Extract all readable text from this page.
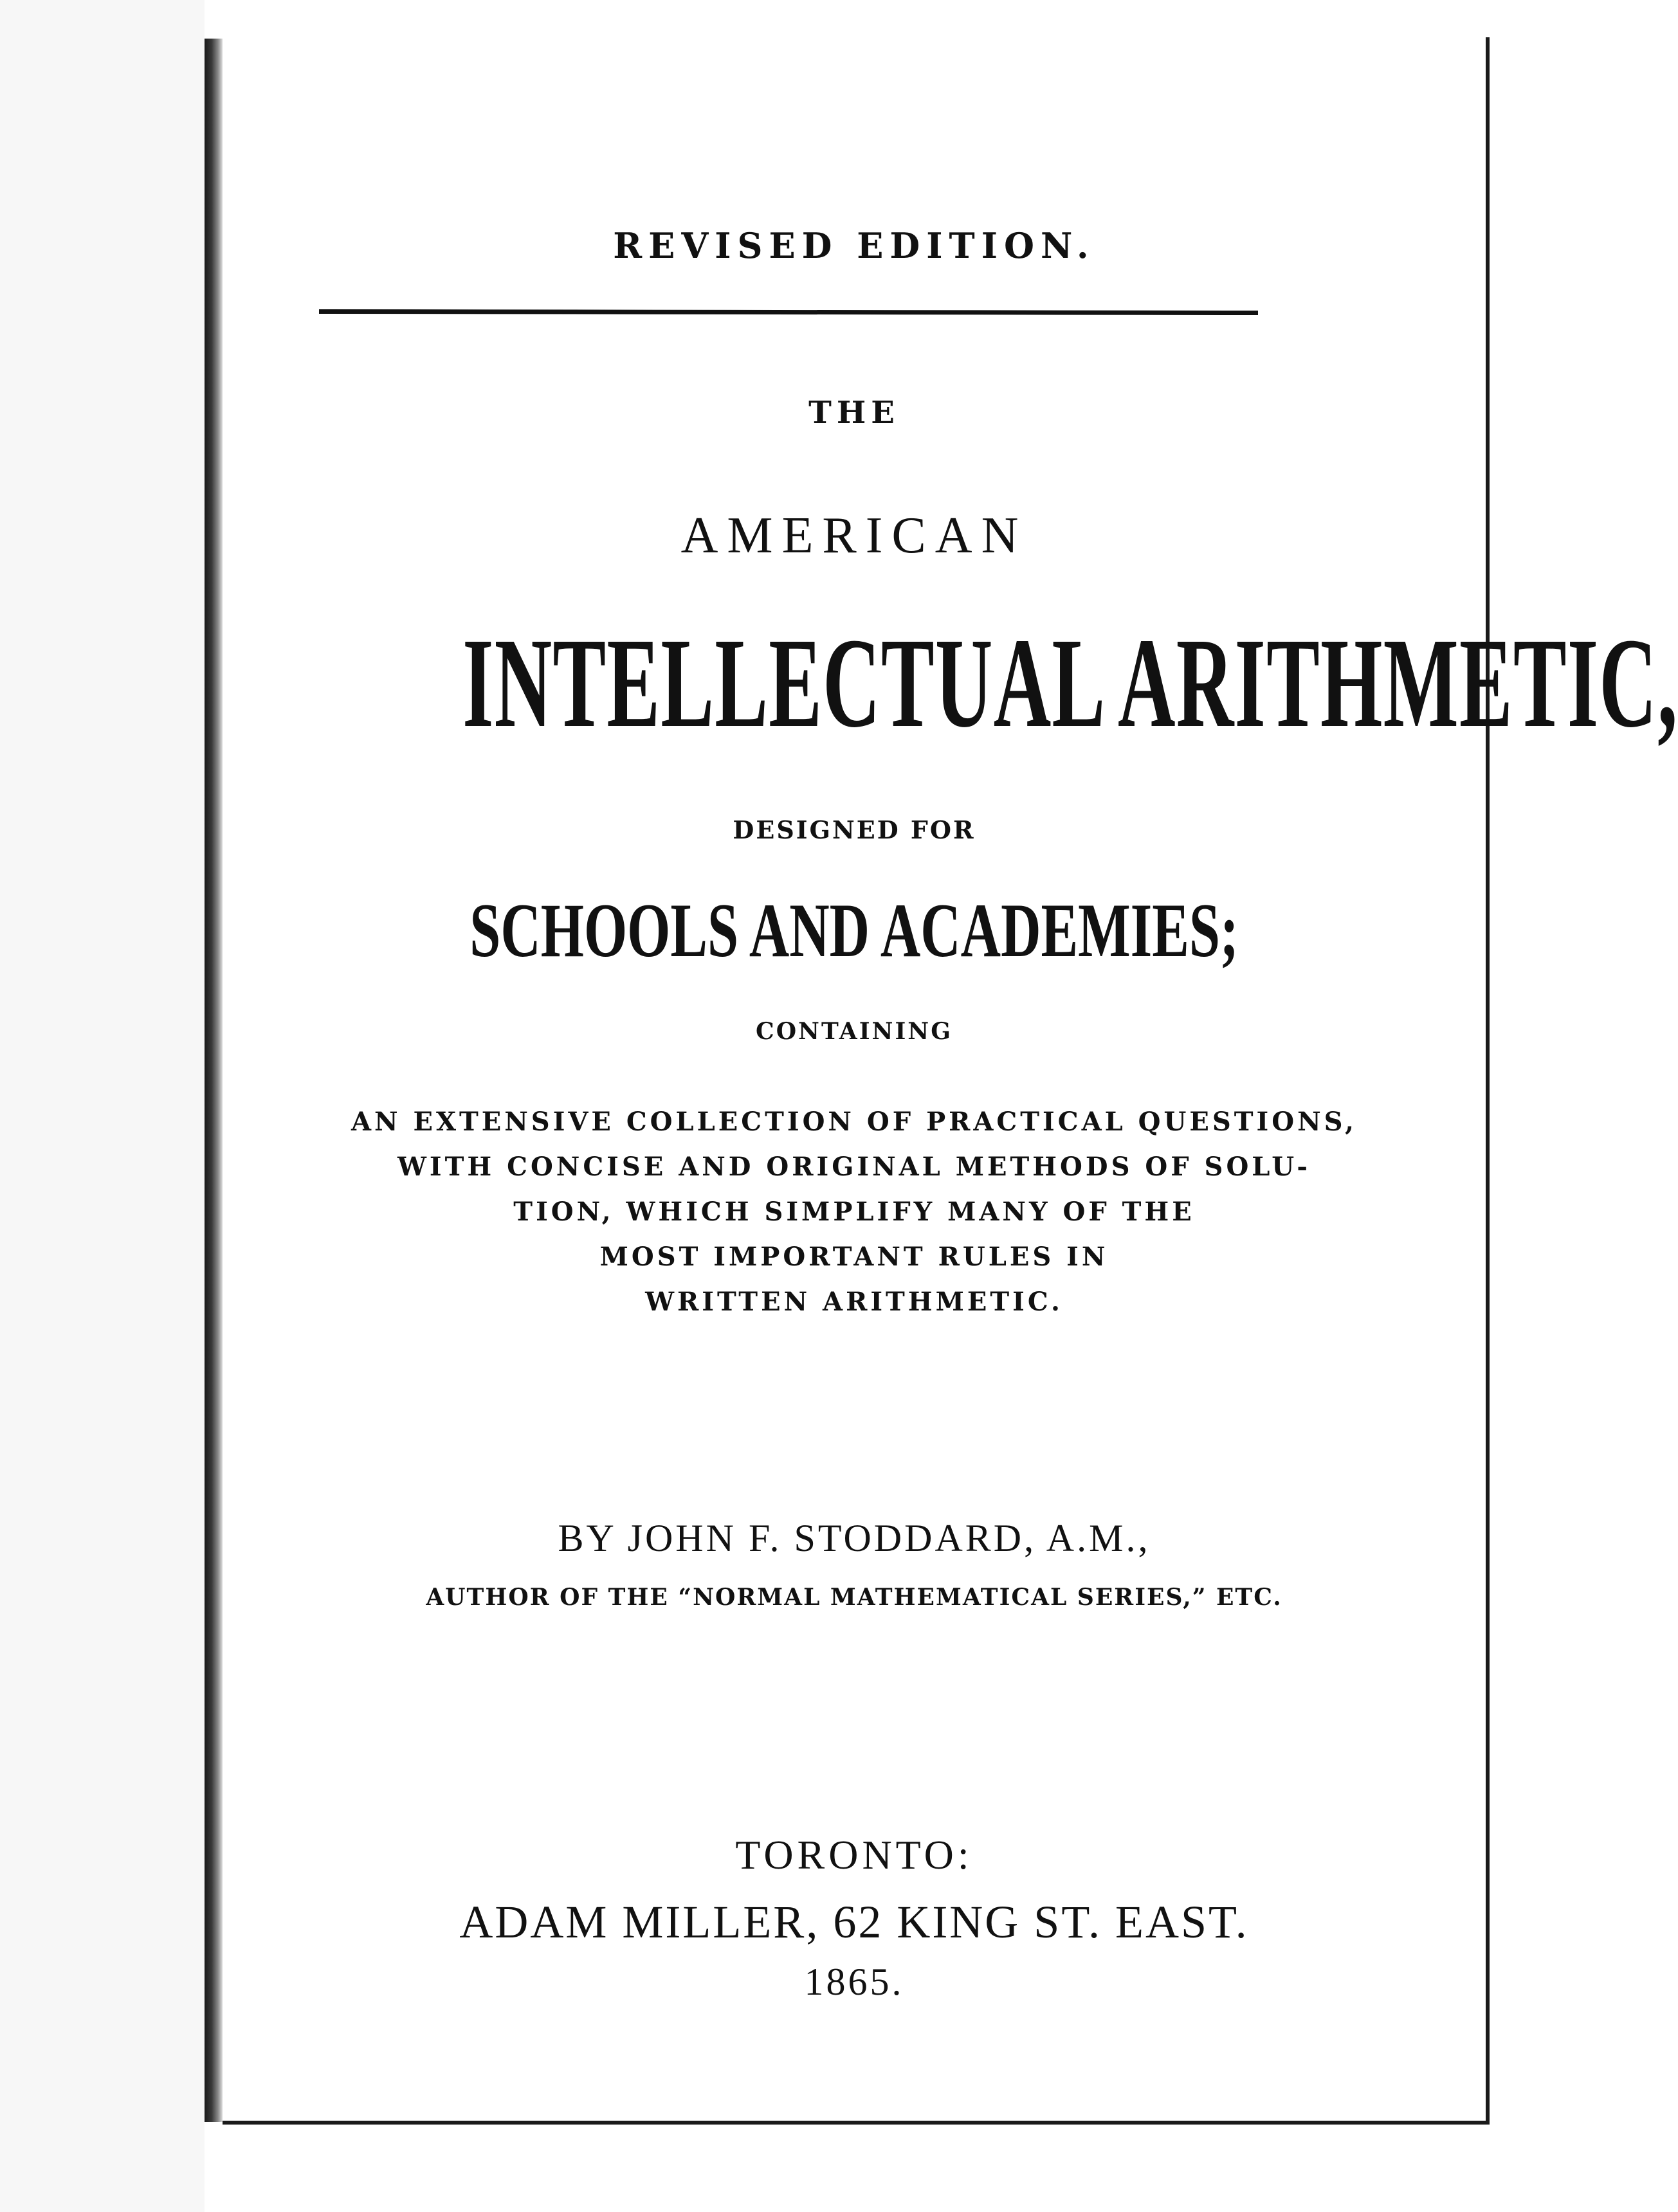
REVISED EDITION.

THE

AMERICAN

INTELLECTUAL ARITHMETIC,

DESIGNED FOR

SCHOOLS AND ACADEMIES;

CONTAINING

AN EXTENSIVE COLLECTION OF PRACTICAL QUESTIONS,

WITH CONCISE AND ORIGINAL METHODS OF SOLU-

TION, WHICH SIMPLIFY MANY OF THE

MOST IMPORTANT RULES IN

WRITTEN ARITHMETIC.

BY JOHN F. STODDARD, A.M.,

AUTHOR OF THE “NORMAL MATHEMATICAL SERIES,” ETC.

TORONTO:

ADAM MILLER, 62 KING ST. EAST.

1865.
